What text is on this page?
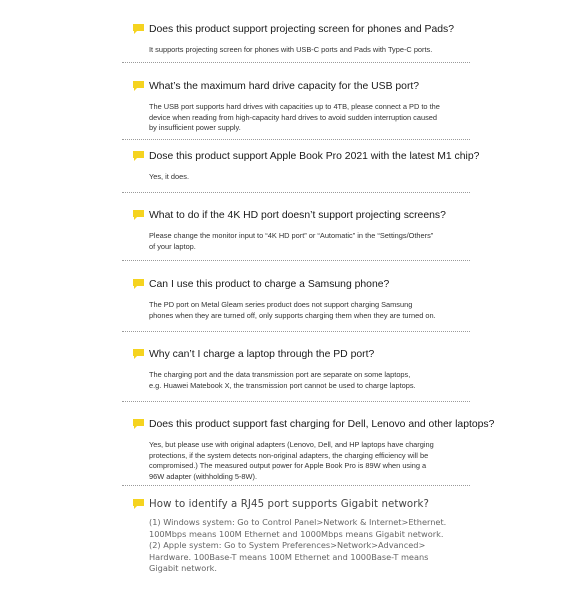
Does this product support projecting screen for phones and Pads?
It supports projecting screen for phones with USB-C ports and Pads with Type-C ports.
What’s the maximum hard drive capacity for the USB port?
The USB port supports hard drives with capacities up to 4TB, please connect a PD to the
device when reading from high-capacity hard drives to avoid sudden interruption caused
by insufficient power supply.
Dose this product support Apple Book Pro 2021 with the latest M1 chip?
Yes, it does.
What to do if the 4K HD port doesn’t support projecting screens?
Please change the monitor input to “4K HD port” or “Automatic” in the “Settings/Others”
of your laptop.
Can I use this product to charge a Samsung phone?
The PD port on Metal Gleam series product does not support charging Samsung
phones when they are turned off, only supports charging them when they are turned on.
Why can’t I charge a laptop through the PD port?
The charging port and the data transmission port are separate on some laptops,
e.g. Huawei Matebook X, the transmission port cannot be used to charge laptops.
Does this product support fast charging for Dell, Lenovo and other laptops?
Yes, but please use with original adapters (Lenovo, Dell, and HP laptops have charging
protections, if the system detects non-original adapters, the charging efficiency will be
compromised.) The measured output power for Apple Book Pro is 89W when using a
96W adapter (withholding 5-8W).
How to identify a RJ45 port supports Gigabit network?
(1) Windows system: Go to Control Panel>Network & Internet>Ethernet.
100Mbps means 100M Ethernet and 1000Mbps means Gigabit network.
(2) Apple system: Go to System Preferences>Network>Advanced>
Hardware. 100Base-T means 100M Ethernet and 1000Base-T means
Gigabit network.
